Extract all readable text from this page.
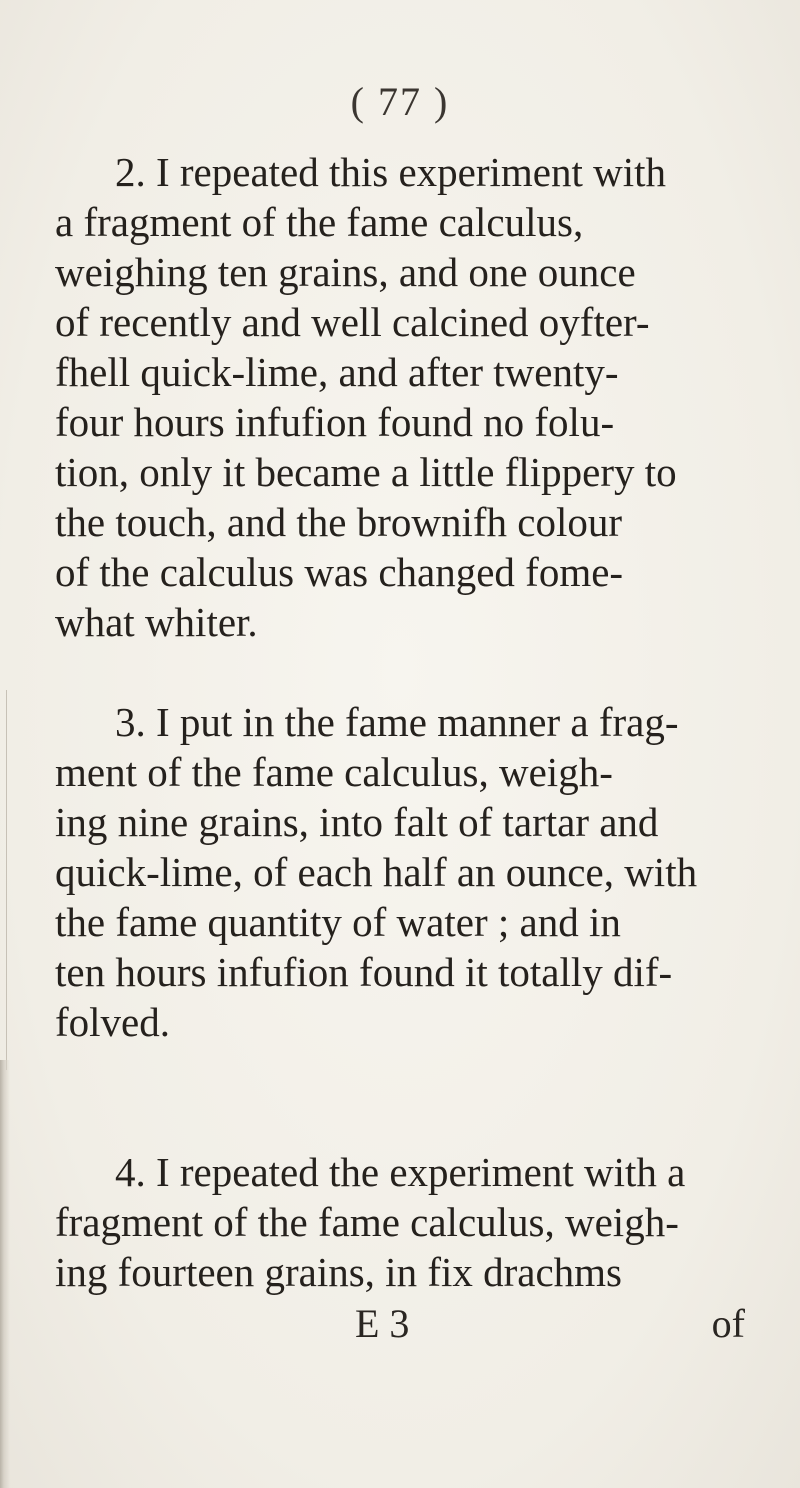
( 77 )
2. I repeated this experiment with
a fragment of the fame calculus,
weighing ten grains, and one ounce
of recently and well calcined oyfter-
fhell quick-lime, and after twenty-
four hours infufion found no folu-
tion, only it became a little flippery to
the touch, and the brownifh colour
of the calculus was changed fome-
what whiter.
3. I put in the fame manner a frag-
ment of the fame calculus, weigh-
ing nine grains, into falt of tartar and
quick-lime, of each half an ounce, with
the fame quantity of water ; and in
ten hours infufion found it totally dif-
folved.
4. I repeated the experiment with a
fragment of the fame calculus, weigh-
ing fourteen grains, in fix drachms
E 3	of
